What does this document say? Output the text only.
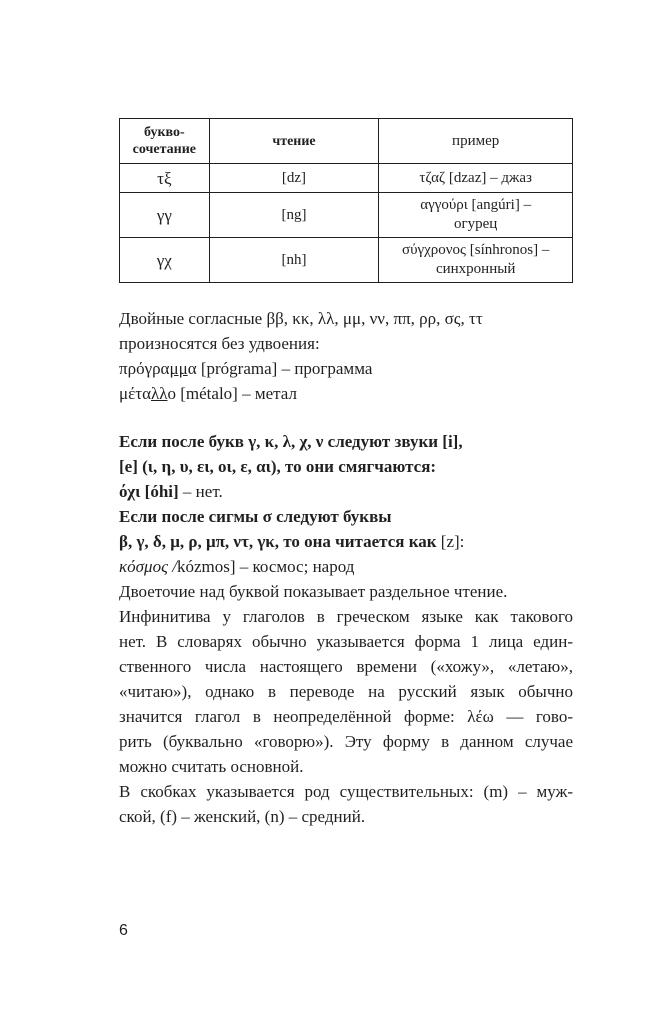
букво-
сочетание	чтение	пример
τξ	[dz]	τζαζ [dzaz] – джаз

γγ	[ng]	αγγούρι [angúri] –
огурец

γχ	[nh]	σύγχρονος [sínhronos] –
синхронный
Двойные согласные ββ, κκ, λλ, μμ, νν, ππ, ρρ, σς, ττ
произносятся без удвоения:
πρόγραμμα [prógrama] – программа
μέταλλο [métalo] – метал
Если после букв γ, κ, λ, χ, ν следуют звуки [i],
[e] (ι, η, υ, ει, οι, ε, αι), то они смягчаются:
όχι [óhi] – нет.
Если после сигмы σ следуют буквы
β, γ, δ, μ, ρ, μπ, ντ, γκ, то она читается как [z]:
κόσμος /kózmos] – космос; народ
Двоеточие над буквой показывает раздельное чтение.
Инфинитива у глаголов в греческом языке как такового
нет. В словарях обычно указывается форма 1 лица един-
ственного числа настоящего времени («хожу», «летаю»,
«читаю»), однако в переводе на русский язык обычно
значится глагол в неопределённой форме: λέω — гово-
рить (буквально «говорю»). Эту форму в данном случае
можно считать основной.
В скобках указывается род существительных: (m) – муж-
ской, (f) – женский, (n) – средний.
6
